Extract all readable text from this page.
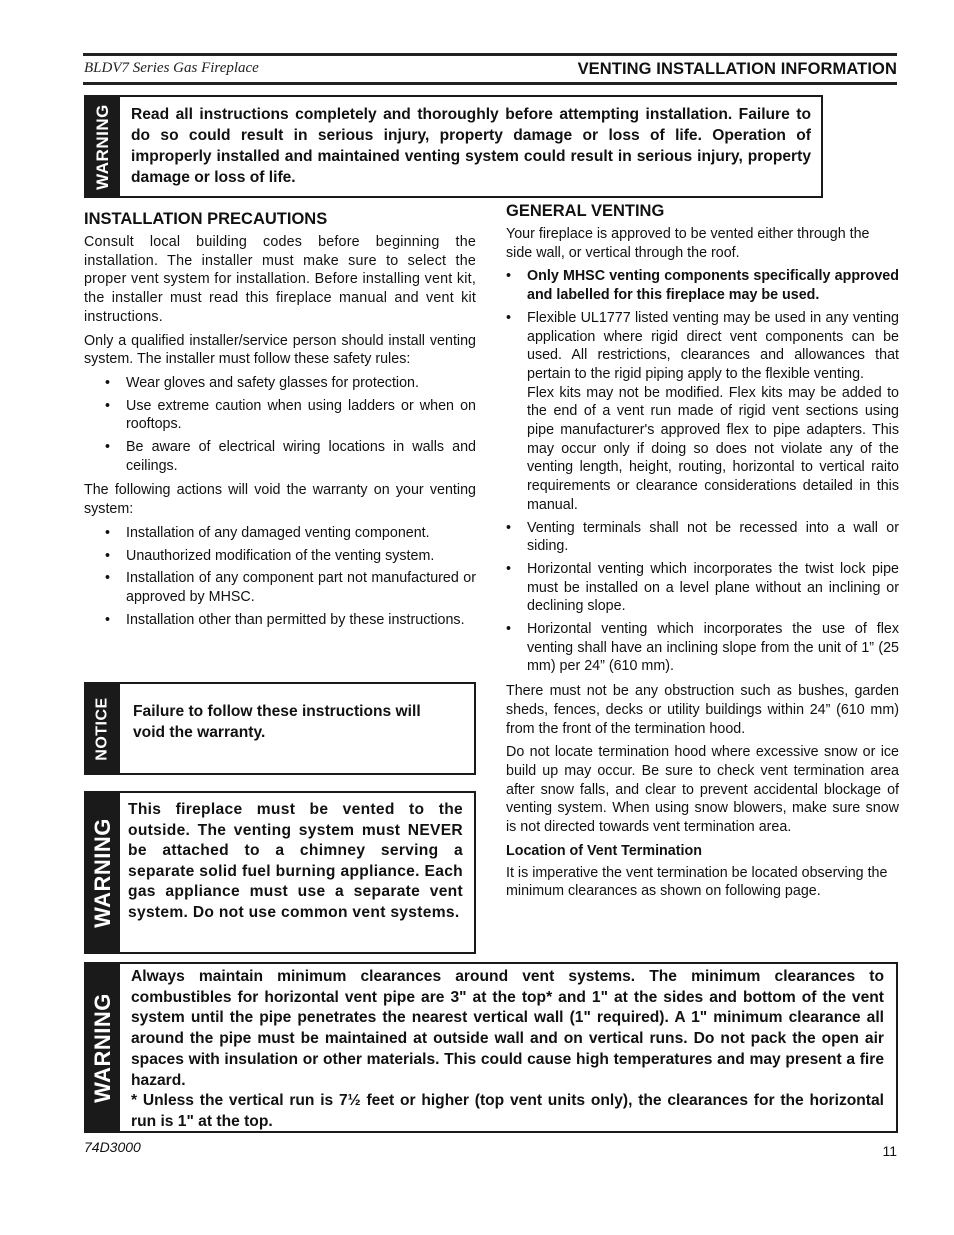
BLDV7 Series Gas Fireplace	VENTING INSTALLATION INFORMATION
WARNING Read all instructions completely and thoroughly before attempting installation. Failure to do so could result in serious injury, property damage or loss of life. Operation of improperly installed and maintained venting system could result in serious injury, property damage or loss of life.
INSTALLATION PRECAUTIONS

Consult local building codes before beginning the installation. The installer must make sure to select the proper vent system for installation. Before installing vent kit, the installer must read this fireplace manual and vent kit instructions.

Only a qualified installer/service person should install venting system. The installer must follow these safety rules:

• Wear gloves and safety glasses for protection.
• Use extreme caution when using ladders or when on rooftops.
• Be aware of electrical wiring locations in walls and ceilings.

The following actions will void the warranty on your venting system:

• Installation of any damaged venting component.
• Unauthorized modification of the venting system.
• Installation of any component part not manufactured or approved by MHSC.
• Installation other than permitted by these instructions.
NOTICE Failure to follow these instructions will void the warranty.
WARNING
This fireplace must be vented to the outside. The venting system must NEVER be attached to a chimney serving a separate solid fuel burning appliance. Each gas appliance must use a separate vent system. Do not use common vent systems.
GENERAL VENTING

Your fireplace is approved to be vented either through the side wall, or vertical through the roof.

• Only MHSC venting components specifically approved and labelled for this fireplace may be used.
• Flexible UL1777 listed venting may be used in any venting application where rigid direct vent components can be used. All restrictions, clearances and allowances that pertain to the rigid piping apply to the flexible venting.
Flex kits may not be modified. Flex kits may be added to the end of a vent run made of rigid vent sections using pipe manufacturer's approved flex to pipe adapters. This may occur only if doing so does not violate any of the venting length, height, routing, horizontal to vertical raito requirements or clearance considerations detailed in this manual.
• Venting terminals shall not be recessed into a wall or siding.
• Horizontal venting which incorporates the twist lock pipe must be installed on a level plane without an inclining or declining slope.
• Horizontal venting which incorporates the use of flex venting shall have an inclining slope from the unit of 1” (25 mm) per 24” (610 mm).

There must not be any obstruction such as bushes, garden sheds, fences, decks or utility buildings within 24” (610 mm) from the front of the termination hood.

Do not locate termination hood where excessive snow or ice build up may occur. Be sure to check vent termination area after snow falls, and clear to prevent accidental blockage of venting system. When using snow blowers, make sure snow is not directed towards vent termination area.

Location of Vent Termination

It is imperative the vent termination be located observing the minimum clearances as shown on following page.

WARNING
Always maintain minimum clearances around vent systems. The minimum clearances to combustibles for horizontal vent pipe are 3" at the top* and 1" at the sides and bottom of the vent system until the pipe penetrates the nearest vertical wall (1" required). A 1" minimum clearance all around the pipe must be maintained at outside wall and on vertical runs. Do not pack the open air spaces with insulation or other materials. This could cause high temperatures and may present a fire hazard.
* Unless the vertical run is 7½ feet or higher (top vent units only), the clearances for the horizontal run is 1" at the top.
74D3000	11
